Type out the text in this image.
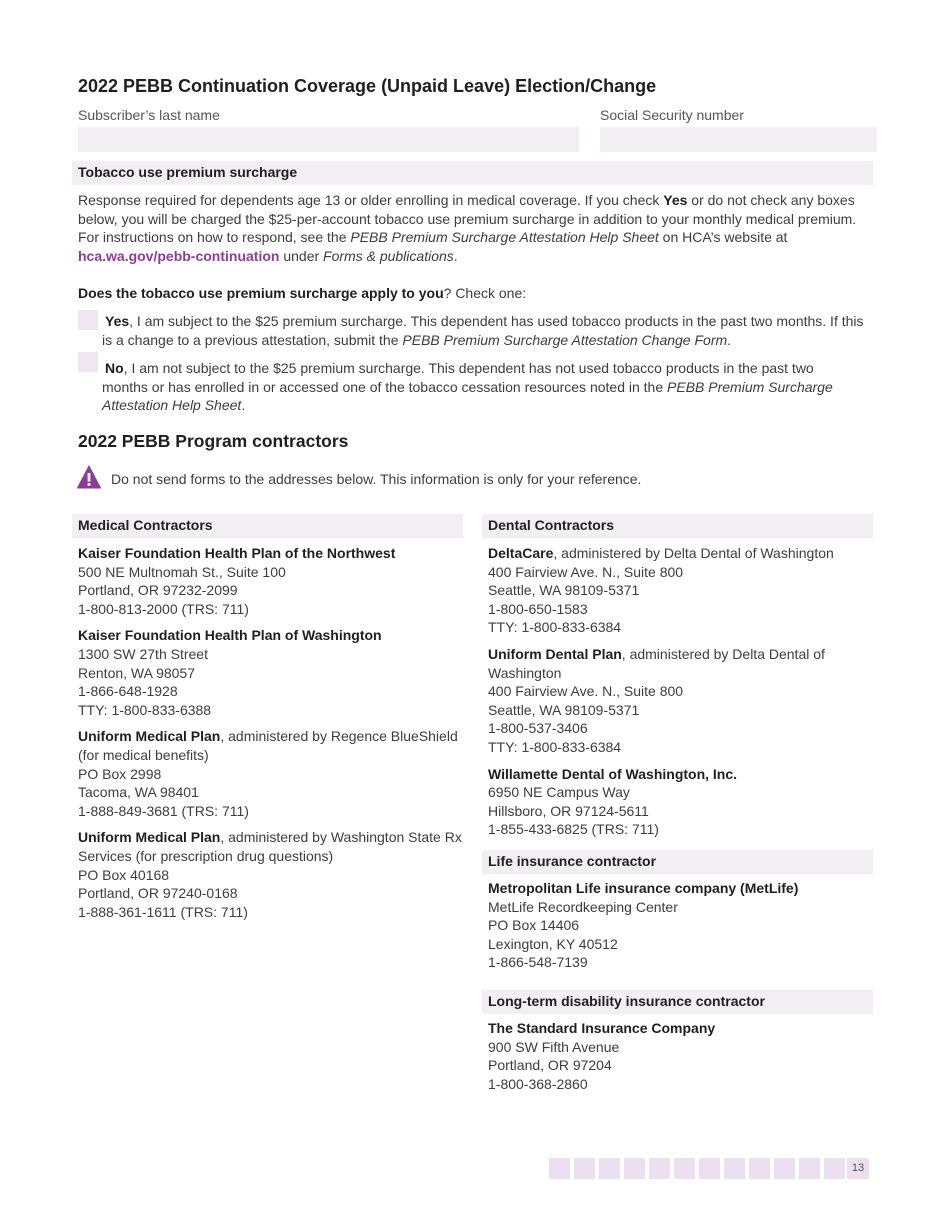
2022 PEBB Continuation Coverage (Unpaid Leave) Election/Change
Subscriber’s last name	Social Security number
Tobacco use premium surcharge
Response required for dependents age 13 or older enrolling in medical coverage. If you check Yes or do not check any boxes below, you will be charged the $25-per-account tobacco use premium surcharge in addition to your monthly medical premium. For instructions on how to respond, see the PEBB Premium Surcharge Attestation Help Sheet on HCA’s website at hca.wa.gov/pebb-continuation under Forms & publications.
Does the tobacco use premium surcharge apply to you? Check one:
Yes, I am subject to the $25 premium surcharge. This dependent has used tobacco products in the past two months. If this is a change to a previous attestation, submit the PEBB Premium Surcharge Attestation Change Form.
No, I am not subject to the $25 premium surcharge. This dependent has not used tobacco products in the past two months or has enrolled in or accessed one of the tobacco cessation resources noted in the PEBB Premium Surcharge Attestation Help Sheet.
2022 PEBB Program contractors
Do not send forms to the addresses below. This information is only for your reference.
Medical Contractors
Kaiser Foundation Health Plan of the Northwest
500 NE Multnomah St., Suite 100
Portland, OR 97232-2099
1-800-813-2000 (TRS: 711)
Kaiser Foundation Health Plan of Washington
1300 SW 27th Street
Renton, WA 98057
1-866-648-1928
TTY: 1-800-833-6388
Uniform Medical Plan, administered by Regence BlueShield (for medical benefits)
PO Box 2998
Tacoma, WA 98401
1-888-849-3681 (TRS: 711)
Uniform Medical Plan, administered by Washington State Rx Services (for prescription drug questions)
PO Box 40168
Portland, OR 97240-0168
1-888-361-1611 (TRS: 711)
Dental Contractors
DeltaCare, administered by Delta Dental of Washington
400 Fairview Ave. N., Suite 800
Seattle, WA 98109-5371
1-800-650-1583
TTY: 1-800-833-6384
Uniform Dental Plan, administered by Delta Dental of Washington
400 Fairview Ave. N., Suite 800
Seattle, WA 98109-5371
1-800-537-3406
TTY: 1-800-833-6384
Willamette Dental of Washington, Inc.
6950 NE Campus Way
Hillsboro, OR 97124-5611
1-855-433-6825 (TRS: 711)
Life insurance contractor
Metropolitan Life insurance company (MetLife)
MetLife Recordkeeping Center
PO Box 14406
Lexington, KY 40512
1-866-548-7139
Long-term disability insurance contractor
The Standard Insurance Company
900 SW Fifth Avenue
Portland, OR 97204
1-800-368-2860
13
